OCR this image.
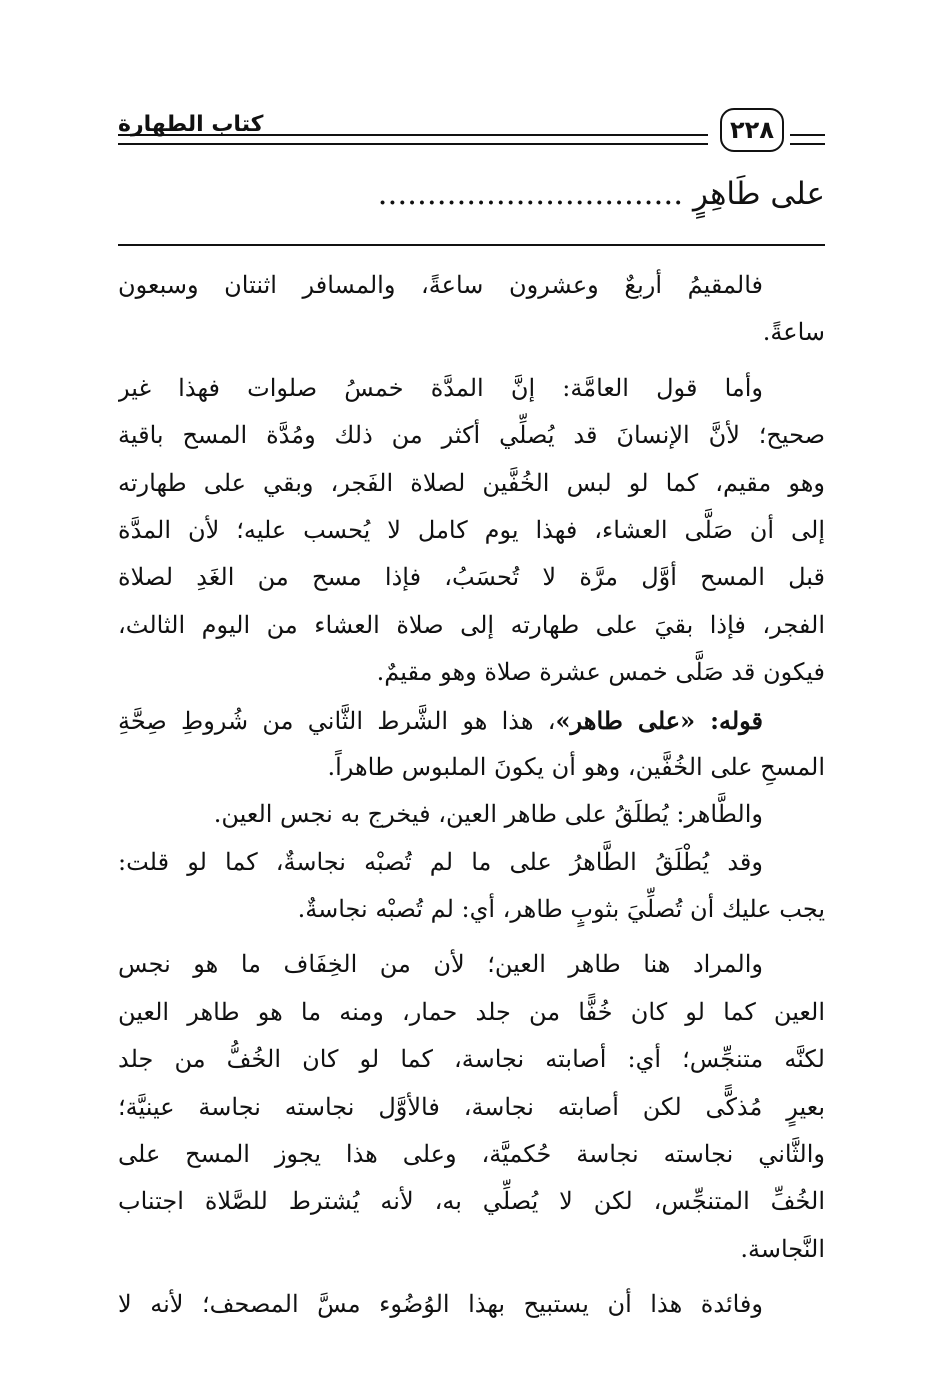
كتاب الطهارة	٢٢٨
على طَاهِرٍ ...............................
فالمقيمُ أربعٌ وعشرون ساعةً، والمسافر اثنتان وسبعون
ساعةً.
وأما قول العامَّة: إنَّ المدَّة خمسُ صلوات فهذا غير
صحيح؛ لأنَّ الإنسانَ قد يُصلِّي أكثر من ذلك ومُدَّة المسح باقية
وهو مقيم، كما لو لبس الخُفَّين لصلاة الفَجر، وبقي على طهارته
إلى أن صَلَّى العشاء، فهذا يوم كامل لا يُحسب عليه؛ لأن المدَّة
قبل المسح أوَّل مرَّة لا تُحسَبُ، فإذا مسح من الغَدِ لصلاة
الفجر، فإذا بقيَ على طهارته إلى صلاة العشاء من اليوم الثالث،
فيكون قد صَلَّى خمس عشرة صلاة وهو مقيمٌ.
قوله: «على طاهر»، هذا هو الشَّرط الثَّاني من شُروطِ صِحَّةِ
المسحِ على الخُفَّين، وهو أن يكونَ الملبوس طاهراً.
والطَّاهر: يُطلَقُ على طاهر العين، فيخرج به نجس العين.
وقد يُطْلَقُ الطَّاهرُ على ما لم تُصبْه نجاسةٌ، كما لو قلت:
يجب عليك أن تُصلِّيَ بثوبٍ طاهر، أي: لم تُصبْه نجاسةٌ.
والمراد هنا طاهر العين؛ لأن من الخِفَاف ما هو نجس
العين كما لو كان خُفًّا من جلد حمار، ومنه ما هو طاهر العين
لكنَّه متنجِّس؛ أي: أصابته نجاسة، كما لو كان الخُفُّ من جلد
بعيرٍ مُذكًّى لكن أصابته نجاسة، فالأوَّل نجاسته نجاسة عينيَّة؛
والثَّاني نجاسته نجاسة حُكميَّة، وعلى هذا يجوز المسح على
الخُفِّ المتنجِّس، لكن لا يُصلِّي به، لأنه يُشترط للصَّلاة اجتناب
النَّجاسة.
وفائدة هذا أن يستبيح بهذا الوُضُوء مسَّ المصحف؛ لأنه لا
